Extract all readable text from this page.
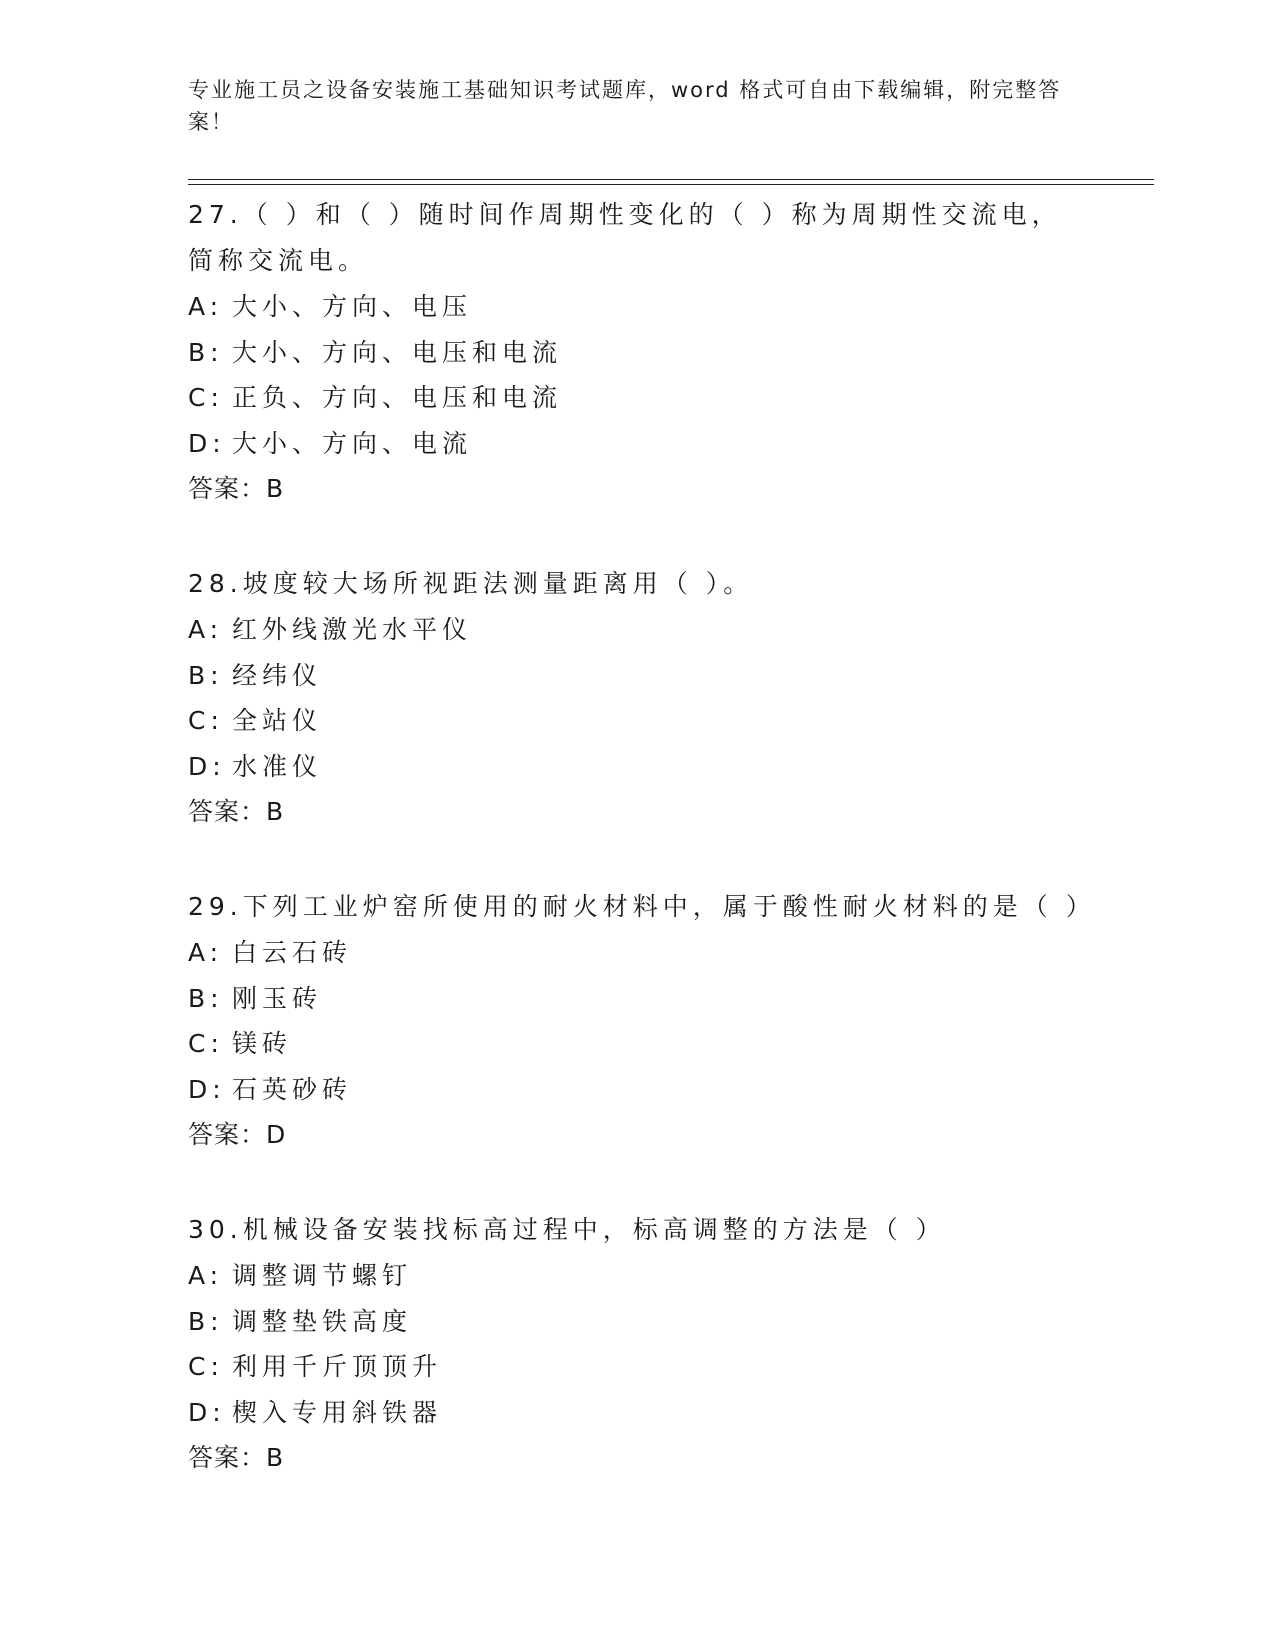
专业施工员之设备安装施工基础知识考试题库，word 格式可自由下载编辑，附完整答案！
27.（ ）和（ ）随时间作周期性变化的（ ）称为周期性交流电，简称交流电。
A: 大小、方向、电压
B: 大小、方向、电压和电流
C: 正负、方向、电压和电流
D: 大小、方向、电流
答案：B
28.坡度较大场所视距法测量距离用（ ）。
A: 红外线激光水平仪
B: 经纬仪
C: 全站仪
D: 水准仪
答案：B
29.下列工业炉窑所使用的耐火材料中，属于酸性耐火材料的是（ ）
A: 白云石砖
B: 刚玉砖
C: 镁砖
D: 石英砂砖
答案：D
30.机械设备安装找标高过程中，标高调整的方法是（ ）
A: 调整调节螺钉
B: 调整垫铁高度
C: 利用千斤顶顶升
D: 楔入专用斜铁器
答案：B
